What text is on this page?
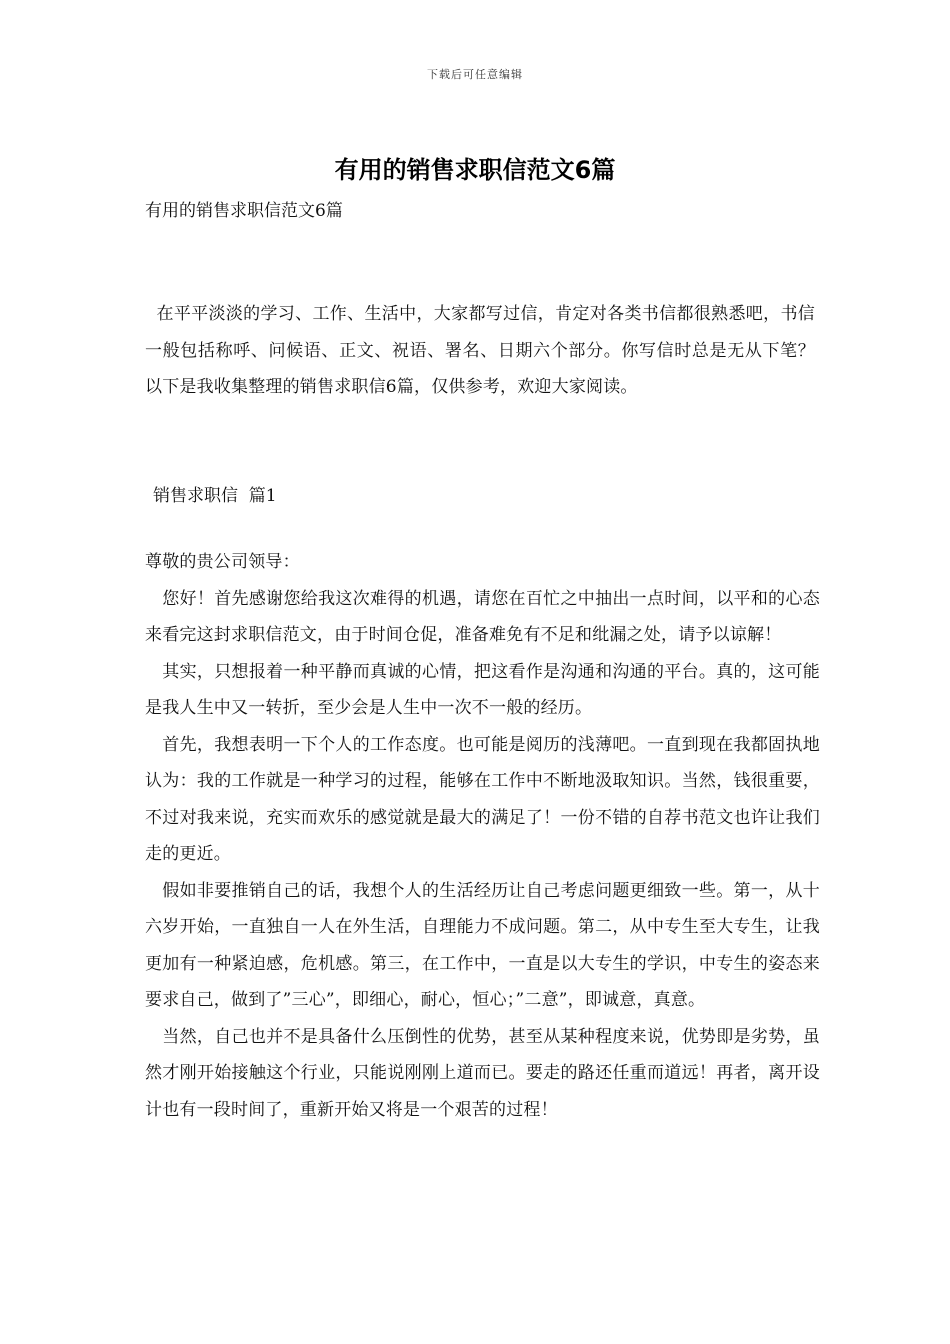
下载后可任意编辑
有用的销售求职信范文6篇
有用的销售求职信范文6篇

在平平淡淡的学习、工作、生活中，大家都写过信，肯定对各类书信都很熟悉吧，书信一般包括称呼、问候语、正文、祝语、署名、日期六个部分。你写信时总是无从下笔？以下是我收集整理的销售求职信6篇，仅供参考，欢迎大家阅读。

销售求职信  篇1

尊敬的贵公司领导：

　您好！首先感谢您给我这次难得的机遇，请您在百忙之中抽出一点时间，以平和的心态来看完这封求职信范文，由于时间仓促，准备难免有不足和纰漏之处，请予以谅解！

　其实，只想报着一种平静而真诚的心情，把这看作是沟通和沟通的平台。真的，这可能是我人生中又一转折，至少会是人生中一次不一般的经历。

　首先，我想表明一下个人的工作态度。也可能是阅历的浅薄吧。一直到现在我都固执地认为：我的工作就是一种学习的过程，能够在工作中不断地汲取知识。当然，钱很重要，不过对我来说，充实而欢乐的感觉就是最大的满足了！一份不错的自荐书范文也许让我们走的更近。

　假如非要推销自己的话，我想个人的生活经历让自己考虑问题更细致一些。第一，从十六岁开始，一直独自一人在外生活，自理能力不成问题。第二，从中专生至大专生，让我更加有一种紧迫感，危机感。第三，在工作中，一直是以大专生的学识，中专生的姿态来要求自己，做到了”三心”，即细心，耐心，恒心；”二意”，即诚意，真意。

　当然，自己也并不是具备什么压倒性的优势，甚至从某种程度来说，优势即是劣势，虽然才刚开始接触这个行业，只能说刚刚上道而已。要走的路还任重而道远！再者，离开设计也有一段时间了，重新开始又将是一个艰苦的过程！
